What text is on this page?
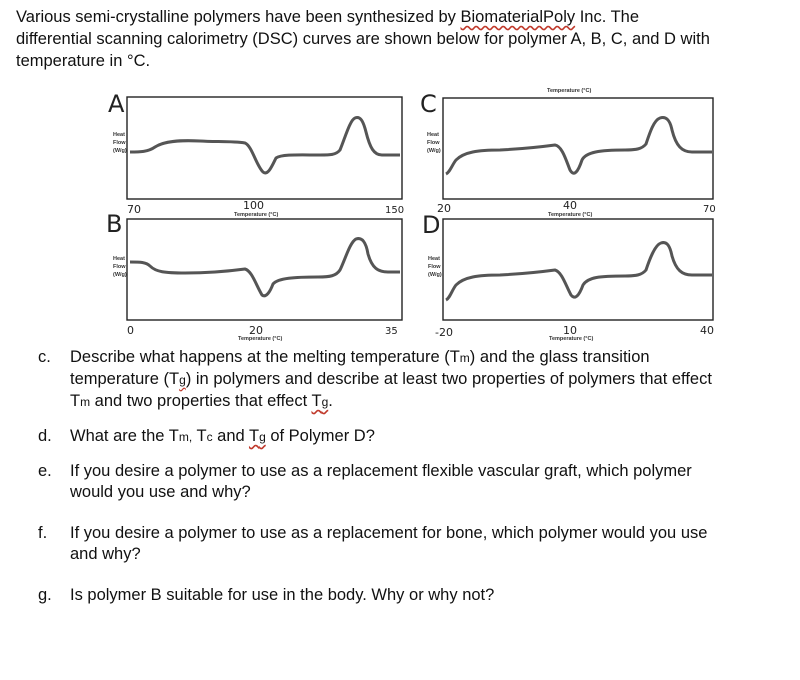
Various semi-crystalline polymers have been synthesized by BiomaterialPoly Inc. The
differential scanning calorimetry (DSC) curves are shown below for polymer A, B, C, and D with
temperature in °C.
A
Heat
Flow
(W/g)
70	100
Temperature (°C)	150
C	Temperature (°C)
Heat
Flow
(W/g)
20	40
Temperature (°C)	70
B
Heat
Flow
(W/g)
0	20
Temperature (°C)
35
D
Heat
Flow
(W/g)
-20	10
Temperature (°C)
40
c. Describe what happens at the melting temperature (Tm) and the glass transition
temperature (Tg) in polymers and describe at least two properties of polymers that effect
Tm and two properties that effect Tg.
d. What are the Tm, Tc and Tg of Polymer D?
e. If you desire a polymer to use as a replacement flexible vascular graft, which polymer
would you use and why?
f. If you desire a polymer to use as a replacement for bone, which polymer would you use
and why?
g. Is polymer B suitable for use in the body. Why or why not?
